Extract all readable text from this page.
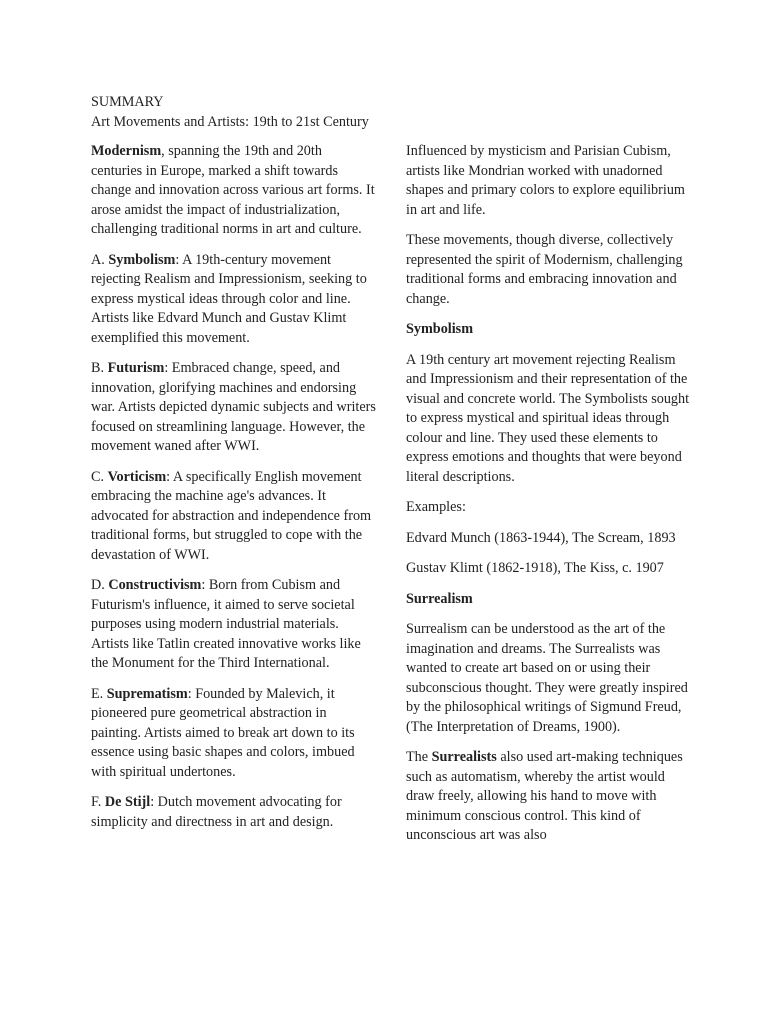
SUMMARY
Art Movements and Artists: 19th to 21st Century

Modernism, spanning the 19th and 20th centuries in Europe, marked a shift towards change and innovation across various art forms. It arose amidst the impact of industrialization, challenging traditional norms in art and culture.

A. Symbolism: A 19th-century movement rejecting Realism and Impressionism, seeking to express mystical ideas through color and line. Artists like Edvard Munch and Gustav Klimt exemplified this movement.

B. Futurism: Embraced change, speed, and innovation, glorifying machines and endorsing war. Artists depicted dynamic subjects and writers focused on streamlining language. However, the movement waned after WWI.

C. Vorticism: A specifically English movement embracing the machine age's advances. It advocated for abstraction and independence from traditional forms, but struggled to cope with the devastation of WWI.

D. Constructivism: Born from Cubism and Futurism's influence, it aimed to serve societal purposes using modern industrial materials. Artists like Tatlin created innovative works like the Monument for the Third International.

E. Suprematism: Founded by Malevich, it pioneered pure geometrical abstraction in painting. Artists aimed to break art down to its essence using basic shapes and colors, imbued with spiritual undertones.

F. De Stijl: Dutch movement advocating for simplicity and directness in art and design.

Influenced by mysticism and Parisian Cubism, artists like Mondrian worked with unadorned shapes and primary colors to explore equilibrium in art and life.

These movements, though diverse, collectively represented the spirit of Modernism, challenging traditional forms and embracing innovation and change.

Symbolism

A 19th century art movement rejecting Realism and Impressionism and their representation of the visual and concrete world. The Symbolists sought to express mystical and spiritual ideas through colour and line. They used these elements to express emotions and thoughts that were beyond literal descriptions.

Examples:

Edvard Munch (1863-1944), The Scream, 1893

Gustav Klimt (1862-1918), The Kiss, c. 1907

Surrealism

Surrealism can be understood as the art of the imagination and dreams. The Surrealists was wanted to create art based on or using their subconscious thought. They were greatly inspired by the philosophical writings of Sigmund Freud, (The Interpretation of Dreams, 1900).

The Surrealists also used art-making techniques such as automatism, whereby the artist would draw freely, allowing his hand to move with minimum conscious control. This kind of unconscious art was also
